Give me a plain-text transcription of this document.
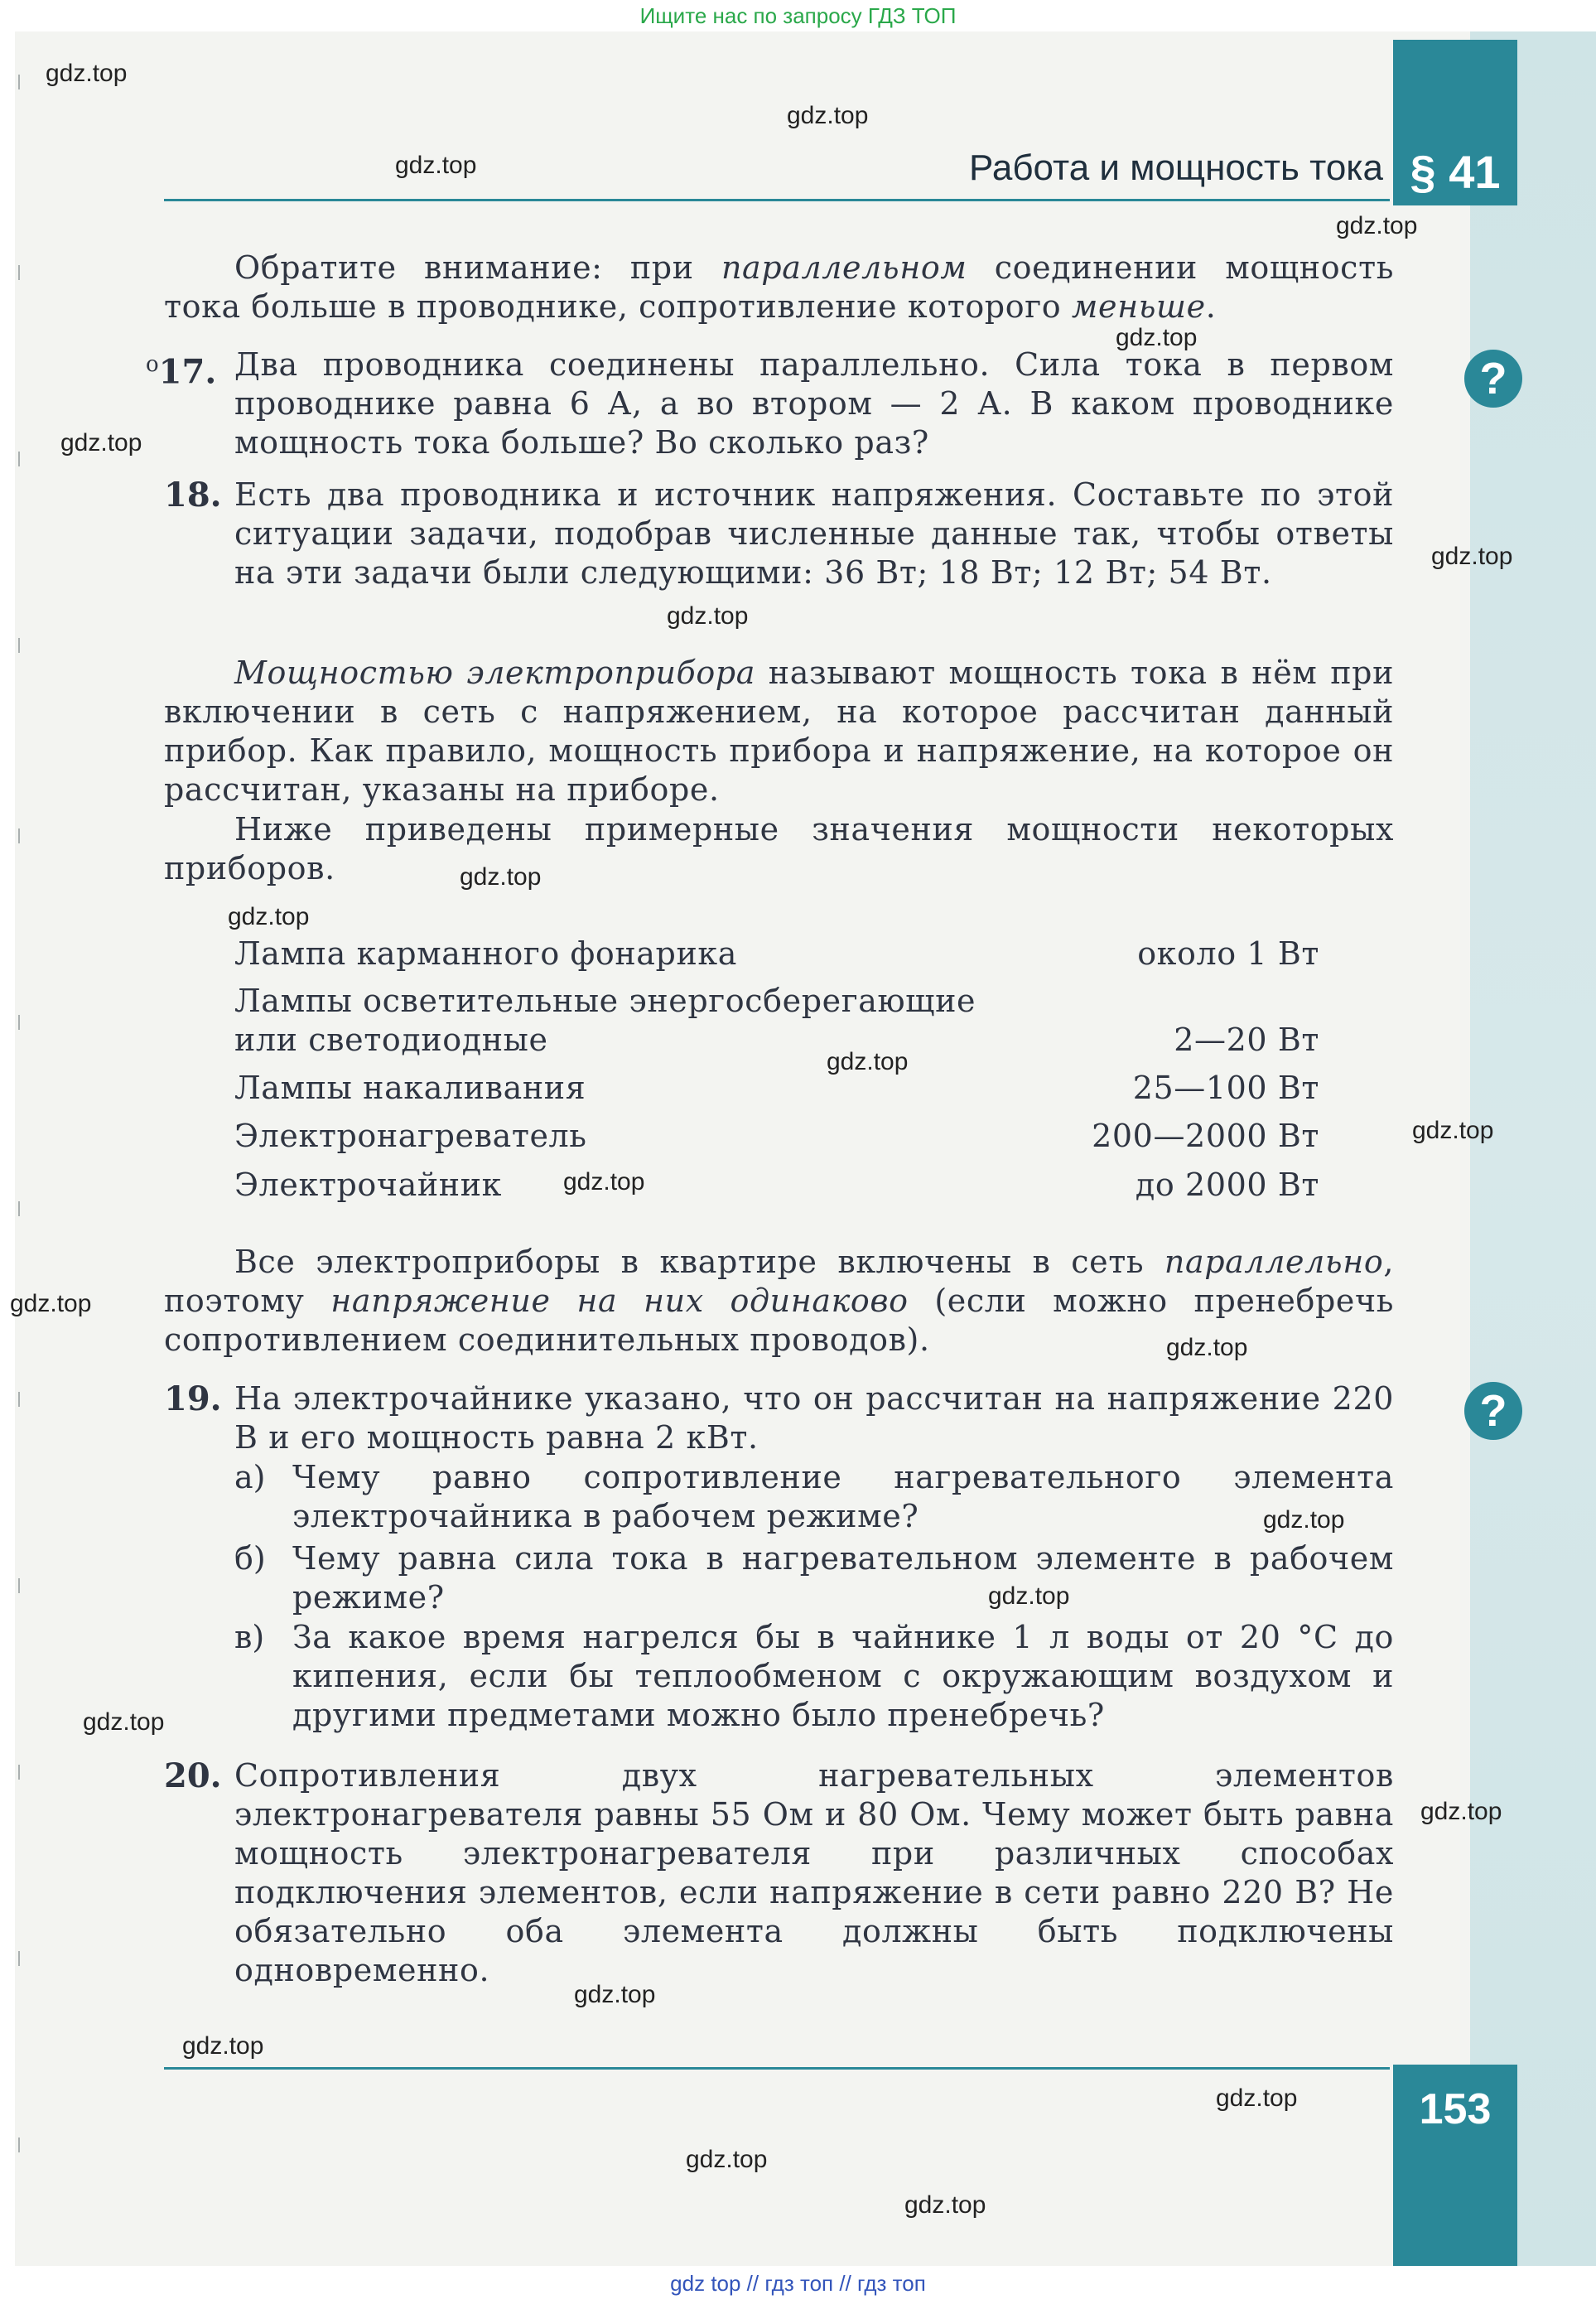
Ищите нас по запросу ГДЗ ТОП
§ 41
Работа и мощность тока
?
?

Обратите внимание: при параллельном соединении мощность тока больше в проводнике, сопротивление которого меньше.

$^о$17. Два проводника соединены параллельно. Сила тока в первом проводнике равна 6 А, а во втором — 2 А. В каком проводнике мощность тока больше? Во сколько раз?
18. Есть два проводника и источник напряжения. Составьте по этой ситуации задачи, подобрав численные данные так, чтобы ответы на эти задачи были следующими: 36 Вт; 18 Вт; 12 Вт; 54 Вт.

Мощностью электроприбора называют мощность тока в нём при включении в сеть с напряжением, на которое рассчитан данный прибор. Как правило, мощность прибора и напряжение, на которое он рассчитан, указаны на приборе.

Ниже приведены примерные значения мощности некоторых приборов.

Лампа карманного фонарика	около 1 Вт
Лампы осветительные энергосберегающие
или светодиодные	2—20 Вт
Лампы накаливания	25—100 Вт
Электронагреватель	200—2000 Вт
Электрочайник	до 2000 Вт

Все электроприборы в квартире включены в сеть параллельно, поэтому напряжение на них одинаково (если можно пренебречь сопротивлением соединительных проводов).

19. На электрочайнике указано, что он рассчитан на напряжение 220 В и его мощность равна 2 кВт.
а) Чему равно сопротивление нагревательного элемента электрочайника в рабочем режиме?
б) Чему равна сила тока в нагревательном элементе в рабочем режиме?
в) За какое время нагрелся бы в чайнике 1 л воды от 20 °С до кипения, если бы теплообменом с окружающим воздухом и другими предметами можно было пренебречь?
20. Сопротивления двух нагревательных элементов электронагревателя равны 55 Ом и 80 Ом. Чему может быть равна мощность электронагревателя при различных способах подключения элементов, если напряжение в сети равно 220 В? Не обязательно оба элемента должны быть подключены одновременно.
153
gdz.top
gdz.top
gdz.top
gdz.top
gdz.top
gdz.top
gdz.top
gdz.top
gdz.top
gdz.top
gdz.top
gdz.top
gdz.top
gdz.top
gdz.top
gdz.top
gdz.top
gdz.top
gdz.top
gdz.top
gdz.top
gdz.top
gdz.top
gdz.top
gdz top // гдз топ // гдз топ
